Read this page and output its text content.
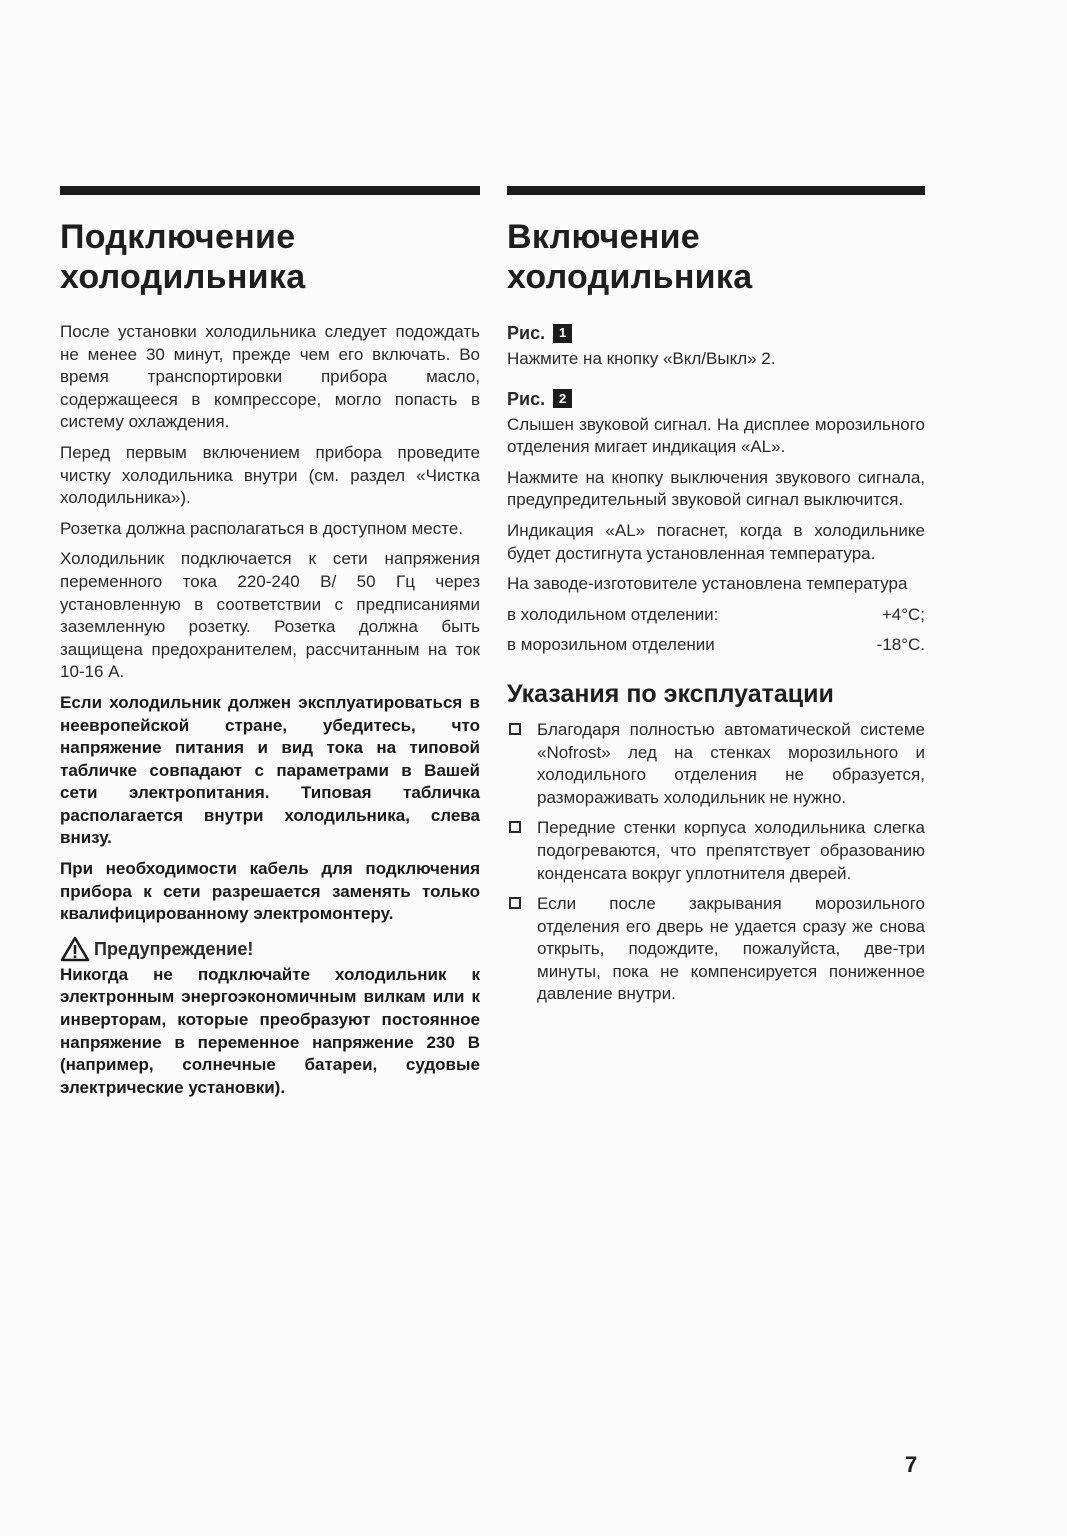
Подключение
холодильника

После установки холодильника следует подождать не менее 30 минут, прежде чем его включать. Во время транспортировки прибора масло, содержащееся в компрессоре, могло попасть в систему охлаждения.

Перед первым включением прибора проведите чистку холодильника внутри (см. раздел «Чистка холодильника»).

Розетка должна располагаться в доступном месте.

Холодильник подключается к сети напряжения переменного тока 220-240 В/ 50 Гц через установленную в соответствии с предписаниями заземленную розетку. Розетка должна быть защищена предохранителем, рассчитанным на ток 10-16 А.

Если холодильник должен эксплуатироваться в неевропейской стране, убедитесь, что напряжение питания и вид тока на типовой табличке совпадают с параметрами в Вашей сети электропитания. Типовая табличка располагается внутри холодильника, слева внизу.

При необходимости кабель для подключения прибора к сети разрешается заменять только квалифицированному электромонтеру.

Предупреждение!

Никогда не подключайте холодильник к электронным энергоэкономичным вилкам или к инверторам, которые преобразуют постоянное напряжение в переменное напряжение 230 В (например, солнечные батареи, судовые электрические установки).

Включение
холодильника
Рис.	1

Нажмите на кнопку «Вкл/Выкл» 2.

Рис.	2

Слышен звуковой сигнал. На дисплее морозильного отделения мигает индикация «AL».

Нажмите на кнопку выключения звукового сигнала, предупредительный звуковой сигнал выключится.

Индикация «AL» погаснет, когда в холодильнике будет достигнута установленная температура.

На заводе-изготовителе установлена температура

в холодильном отделении:	+4°C;
в морозильном отделении	-18°C.
Указания по эксплуатации

Благодаря полностью автоматической системе «Nofrost» лед на стенках морозильного и холодильного отделения не образуется, размораживать холодильник не нужно.

Передние стенки корпуса холодильника слегка подогреваются, что препятствует образованию конденсата вокруг уплотнителя дверей.

Если после закрывания морозильного отделения его дверь не удается сразу же снова открыть, подождите, пожалуйста, две-три минуты, пока не компенсируется пониженное давление внутри.

7
